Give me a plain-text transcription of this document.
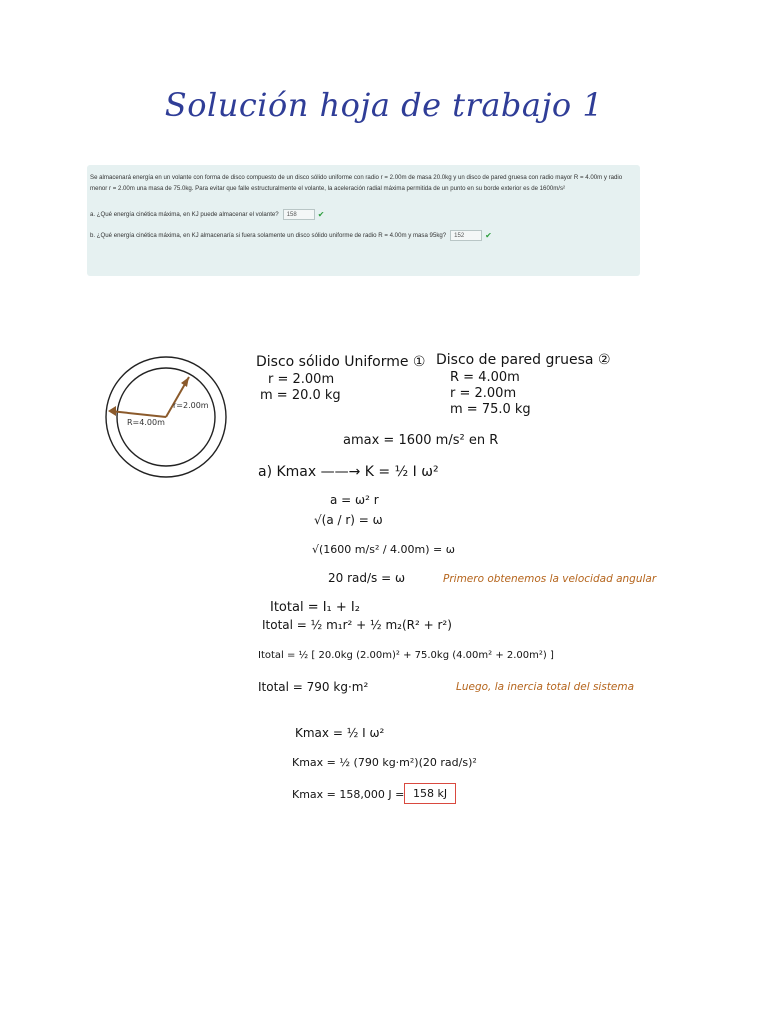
Solución hoja de trabajo 1
Se almacenará energía en un volante con forma de disco compuesto de un disco sólido uniforme con radio r = 2.00m de masa 20.0kg y un disco de pared gruesa con radio mayor R = 4.00m y radio menor r = 2.00m una masa de 75.0kg. Para evitar que falle estructuralmente el volante, la aceleración radial máxima permitida de un punto en su borde exterior es de 1600m/s²
a. ¿Qué energía cinética máxima, en KJ puede almacenar el volante?	158	✔
b. ¿Qué energía cinética máxima, en KJ almacenaría si fuera solamente un disco sólido uniforme de radio R = 4.00m y masa 95kg?	152	✔
r=2.00m
R=4.00m
Disco sólido Uniforme ①
r = 2.00m
m = 20.0 kg
Disco de pared gruesa ②
R = 4.00m
r = 2.00m
m = 75.0 kg
amax = 1600 m/s² en R
a) Kmax ——→ K = ½ I ω²
a = ω² r
√(a / r) = ω
√(1600 m/s² / 4.00m) = ω
20 rad/s = ω	Primero obtenemos la velocidad angular
Itotal = I₁ + I₂
Itotal = ½ m₁r² + ½ m₂(R² + r²)
Itotal = ½ [ 20.0kg (2.00m)² + 75.0kg (4.00m² + 2.00m²) ]
Itotal = 790 kg·m²	Luego, la inercia total del sistema
Kmax = ½ I ω²
Kmax = ½ (790 kg·m²)(20 rad/s)²
Kmax = 158,000 J = 158 kJ
